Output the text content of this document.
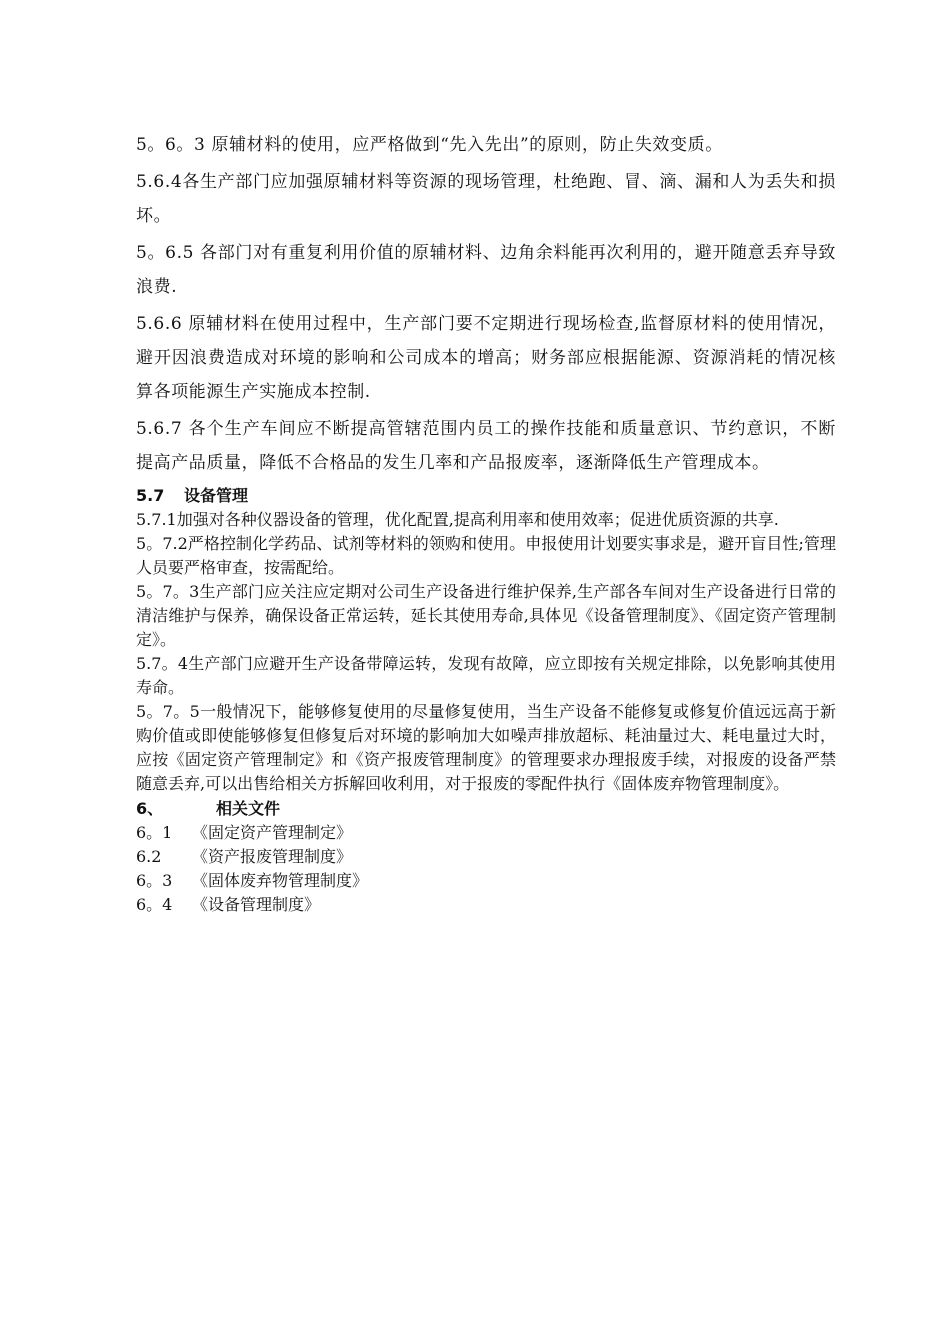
5。6。3 原辅材料的使用，应严格做到“先入先出”的原则，防止失效变质。

5.6.4各生产部门应加强原辅材料等资源的现场管理，杜绝跑、冒、滴、漏和人为丢失和损坏。

5。6.5 各部门对有重复利用价值的原辅材料、边角余料能再次利用的，避开随意丢弃导致浪费.

5.6.6 原辅材料在使用过程中，生产部门要不定期进行现场检查,监督原材料的使用情况，避开因浪费造成对环境的影响和公司成本的增高；财务部应根据能源、资源消耗的情况核算各项能源生产实施成本控制.

5.6.7 各个生产车间应不断提高管辖范围内员工的操作技能和质量意识、节约意识，不断提高产品质量，降低不合格品的发生几率和产品报废率，逐渐降低生产管理成本。

5.7 设备管理

5.7.1加强对各种仪器设备的管理，优化配置,提高利用率和使用效率；促进优质资源的共享.

5。7.2严格控制化学药品、试剂等材料的领购和使用。申报使用计划要实事求是，避开盲目性;管理人员要严格审查，按需配给。

5。7。3生产部门应关注应定期对公司生产设备进行维护保养,生产部各车间对生产设备进行日常的清洁维护与保养，确保设备正常运转，延长其使用寿命,具体见《设备管理制度》、《固定资产管理制定》。

5.7。4生产部门应避开生产设备带障运转，发现有故障，应立即按有关规定排除，以免影响其使用寿命。

5。7。5一般情况下，能够修复使用的尽量修复使用，当生产设备不能修复或修复价值远远高于新购价值或即使能够修复但修复后对环境的影响加大如噪声排放超标、耗油量过大、耗电量过大时，应按《固定资产管理制定》和《资产报废管理制度》的管理要求办理报废手续，对报废的设备严禁随意丢弃,可以出售给相关方拆解回收利用，对于报废的零配件执行《固体废弃物管理制度》。

6、	相关文件
6。1 《固定资产管理制定》
6.2 《资产报废管理制度》
6。3 《固体废弃物管理制度》
6。4 《设备管理制度》
